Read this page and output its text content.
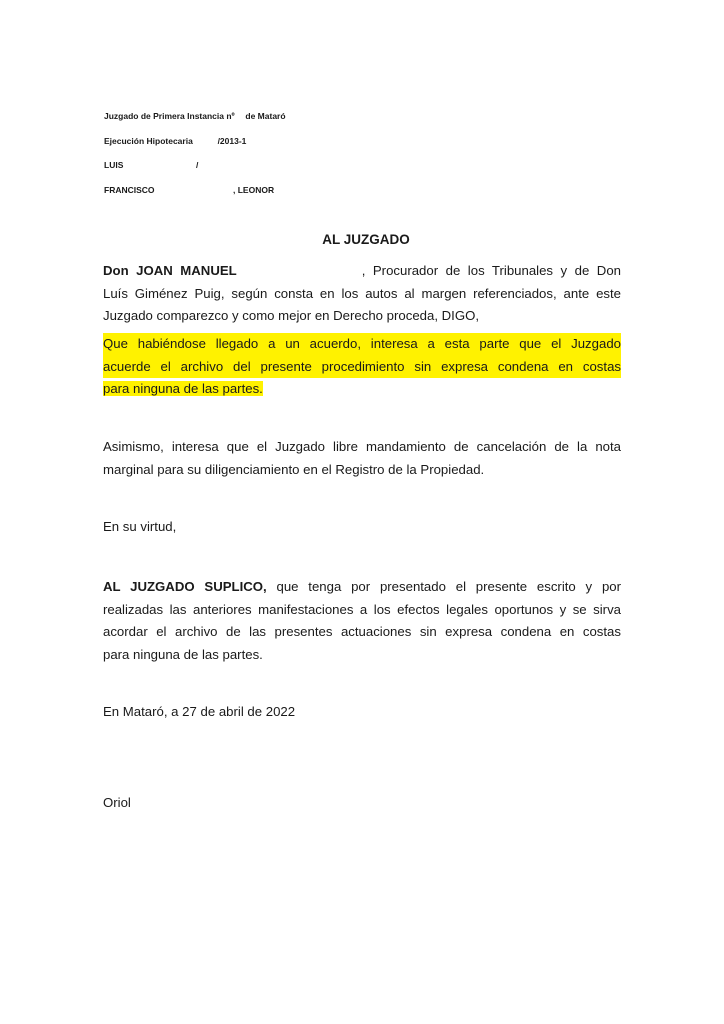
Juzgado de Primera Instancia nº de Mataró
Ejecución Hipotecaria	/2013-1
LUIS	/
FRANCISCO	, LEONOR
AL JUZGADO
Don JOAN MANUEL	, Procurador de los Tribunales y de Don
Luís Giménez Puig, según consta en los autos al margen referenciados, ante este
Juzgado comparezco y como mejor en Derecho proceda, DIGO,
Que habiéndose llegado a un acuerdo, interesa a esta parte que el Juzgado
acuerde el archivo del presente procedimiento sin expresa condena en costas
para ninguna de las partes.
Asimismo, interesa que el Juzgado libre mandamiento de cancelación de la nota
marginal para su diligenciamiento en el Registro de la Propiedad.
En su virtud,
AL JUZGADO SUPLICO, que tenga por presentado el presente escrito y por
realizadas las anteriores manifestaciones a los efectos legales oportunos y se sirva
acordar el archivo de las presentes actuaciones sin expresa condena en costas
para ninguna de las partes.
En Mataró, a 27 de abril de 2022
Oriol
